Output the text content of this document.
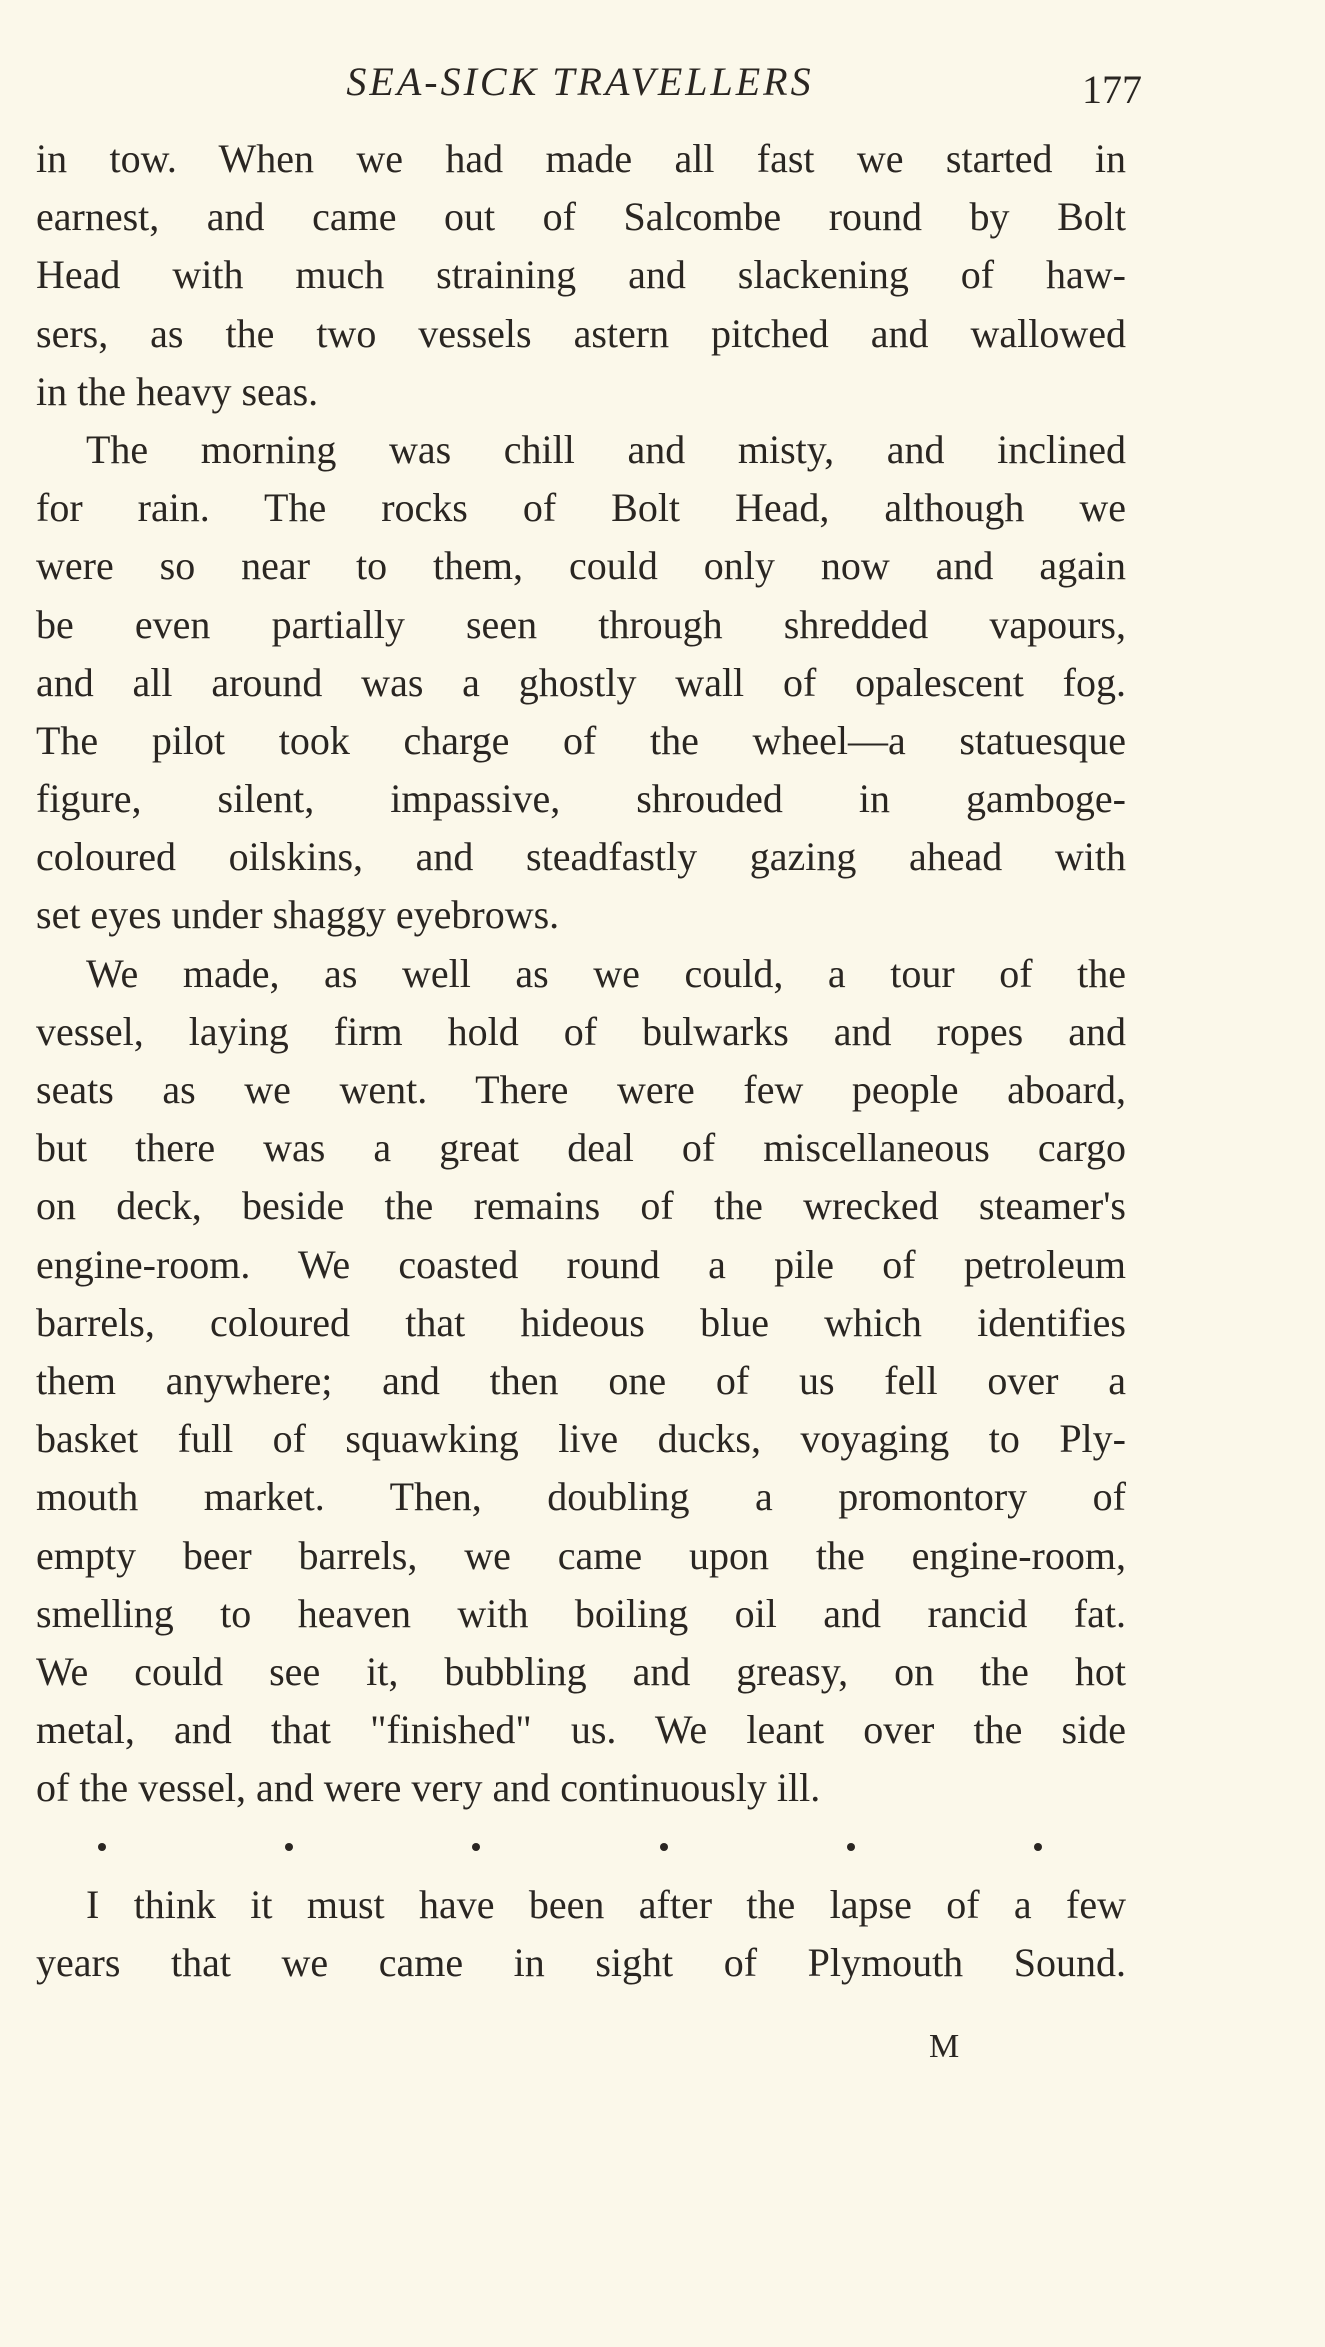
SEA-SICK TRAVELLERS	177
in tow. When we had made all fast we started in
earnest, and came out of Salcombe round by Bolt
Head with much straining and slackening of haw-
sers, as the two vessels astern pitched and wallowed
in the heavy seas.
The morning was chill and misty, and inclined
for rain. The rocks of Bolt Head, although we
were so near to them, could only now and again
be even partially seen through shredded vapours,
and all around was a ghostly wall of opalescent fog.
The pilot took charge of the wheel—a statuesque
figure, silent, impassive, shrouded in gamboge-
coloured oilskins, and steadfastly gazing ahead with
set eyes under shaggy eyebrows.
We made, as well as we could, a tour of the
vessel, laying firm hold of bulwarks and ropes and
seats as we went. There were few people aboard,
but there was a great deal of miscellaneous cargo
on deck, beside the remains of the wrecked steamer's
engine-room. We coasted round a pile of petroleum
barrels, coloured that hideous blue which identifies
them anywhere; and then one of us fell over a
basket full of squawking live ducks, voyaging to Ply-
mouth market. Then, doubling a promontory of
empty beer barrels, we came upon the engine-room,
smelling to heaven with boiling oil and rancid fat.
We could see it, bubbling and greasy, on the hot
metal, and that "finished" us. We leant over the side
of the vessel, and were very and continuously ill.
I think it must have been after the lapse of a few
years that we came in sight of Plymouth Sound.
M
